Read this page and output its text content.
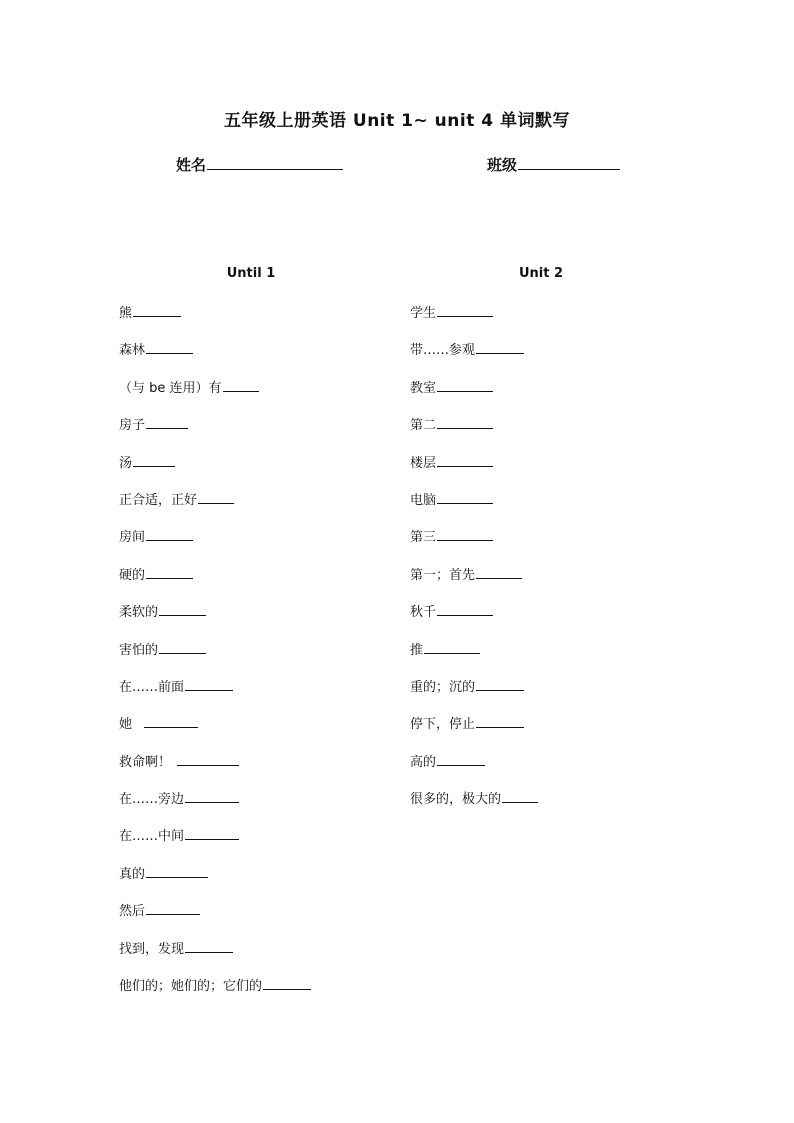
五年级上册英语 Unit 1~ unit 4 单词默写
姓名	班级
Until 1	Unit 2
熊
森林
（与 be 连用）有
房子
汤
正合适，正好
房间
硬的
柔软的
害怕的
在……前面
她
救命啊！
在……旁边
在……中间
真的
然后
找到，发现
他们的；她们的；它们的
学生
带……参观
教室
第二
楼层
电脑
第三
第一；首先
秋千
推
重的；沉的
停下，停止
高的
很多的，极大的
